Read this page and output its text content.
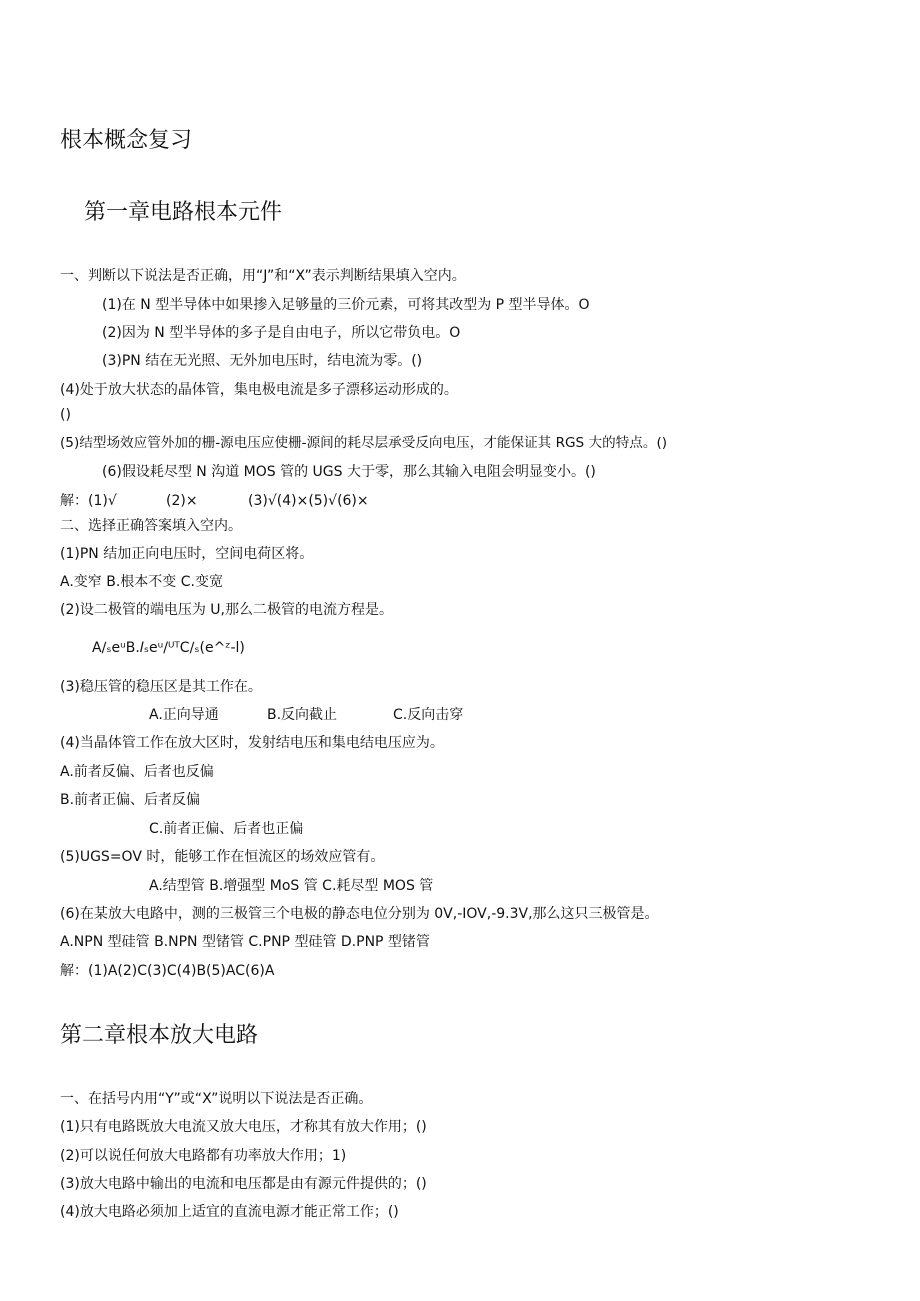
根本概念复习
第一章电路根本元件
一、判断以下说法是否正确，用“J”和“X”表示判断结果填入空内。
(1)在 N 型半导体中如果掺入足够量的三价元素，可将其改型为 P 型半导体。O
(2)因为 N 型半导体的多子是自由电子，所以它带负电。O
(3)PN 结在无光照、无外加电压时，结电流为零。()
(4)处于放大状态的晶体管，集电极电流是多子漂移运动形成的。
()
(5)结型场效应管外加的栅-源电压应使栅-源间的耗尽层承受反向电压，才能保证其 RGS 大的特点。()
(6)假设耗尽型 N 沟道 MOS 管的 UGS 大于零，那么其输入电阻会明显变小。()
解：(1)√	(2)×	(3)√(4)×(5)√(6)×
二、选择正确答案填入空内。
(1)PN 结加正向电压时，空间电荷区将。
A.变窄 B.根本不变 C.变宽
(2)设二极管的端电压为 U,那么二极管的电流方程是。
A∕ₛeᵘB.𝐼ₛeᵘ/ᵁᵀC∕ₛ(e^ᶻ-l)
(3)稳压管的稳压区是其工作在。
A.正向导通	B.反向截止	C.反向击穿
(4)当晶体管工作在放大区时，发射结电压和集电结电压应为。
A.前者反偏、后者也反偏
B.前者正偏、后者反偏
C.前者正偏、后者也正偏
(5)UGS=OV 时，能够工作在恒流区的场效应管有。
A.结型管 B.增强型 MoS 管 C.耗尽型 MOS 管
(6)在某放大电路中，测的三极管三个电极的静态电位分别为 0V,-IOV,-9.3V,那么这只三极管是。
A.NPN 型硅管 B.NPN 型锗管 C.PNP 型硅管 D.PNP 型锗管
解：(1)A(2)C(3)C(4)B(5)AC(6)A
第二章根本放大电路
一、在括号内用“Y”或“X”说明以下说法是否正确。
(1)只有电路既放大电流又放大电压，才称其有放大作用；()
(2)可以说任何放大电路都有功率放大作用；1)
(3)放大电路中输出的电流和电压都是由有源元件提供的；()
(4)放大电路必须加上适宜的直流电源才能正常工作；()
